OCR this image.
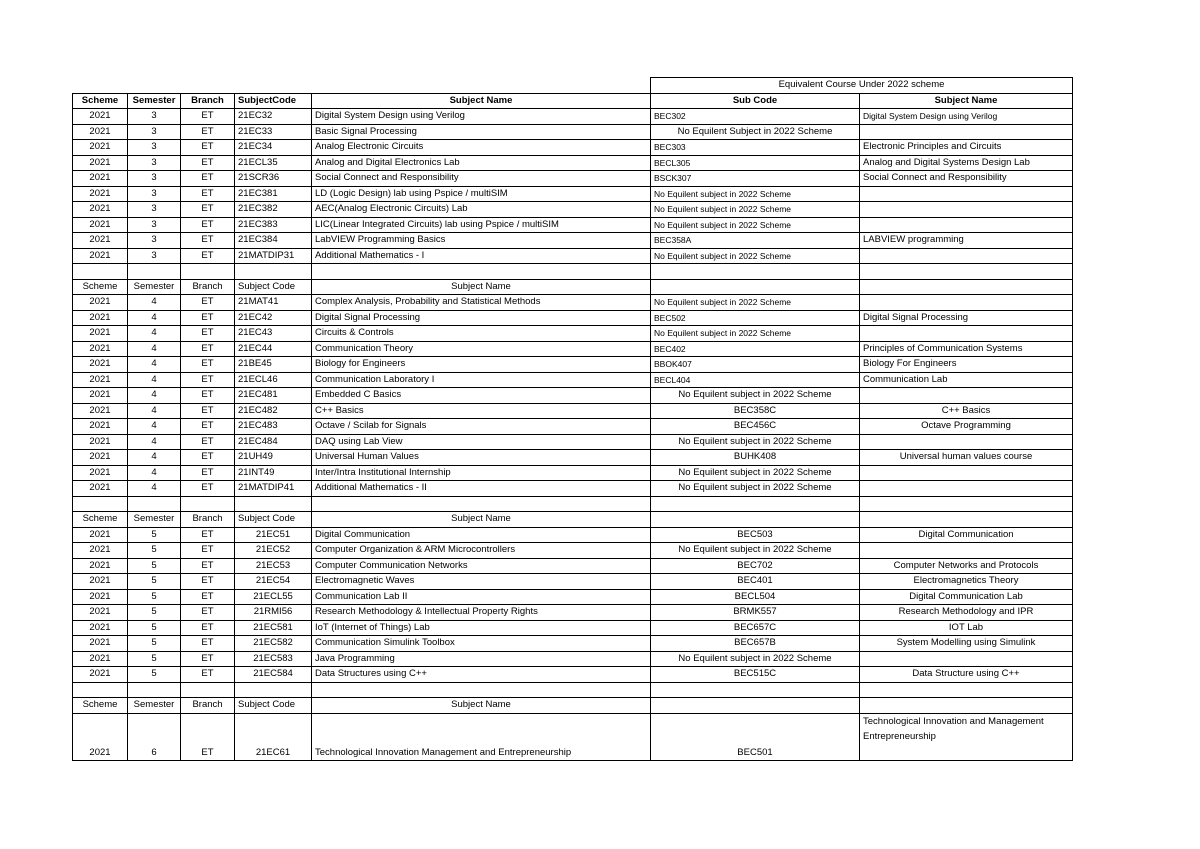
					Equivalent Course Under 2022 scheme	
Scheme	Semester	Branch	SubjectCode	Subject Name	Sub Code	Subject Name
2021	3	ET	21EC32	Digital System Design using Verilog	BEC302	Digital System Design using Verilog
2021	3	ET	21EC33	Basic Signal Processing	No Equilent Subject in 2022 Scheme	
2021	3	ET	21EC34	Analog Electronic Circuits	BEC303	Electronic Principles and Circuits
2021	3	ET	21ECL35	Analog and Digital Electronics Lab	BECL305	Analog and Digital Systems Design Lab
2021	3	ET	21SCR36	Social Connect and Responsibility	BSCK307	Social Connect and Responsibility
2021	3	ET	21EC381	LD (Logic Design) lab using Pspice / multiSIM	No Equilent subject in 2022 Scheme	
2021	3	ET	21EC382	AEC(Analog Electronic Circuits) Lab	No Equilent subject in 2022 Scheme	
2021	3	ET	21EC383	LIC(Linear Integrated Circuits) lab using Pspice / multiSIM	No Equilent subject in 2022 Scheme	
2021	3	ET	21EC384	LabVIEW Programming Basics	BEC358A	LABVIEW programming
2021	3	ET	21MATDIP31	Additional Mathematics - I	No Equilent subject in 2022 Scheme	

Scheme	Semester	Branch	Subject Code	Subject Name		
2021	4	ET	21MAT41	Complex Analysis, Probability and Statistical Methods	No Equilent subject in 2022 Scheme	
2021	4	ET	21EC42	Digital Signal Processing	BEC502	Digital Signal Processing
2021	4	ET	21EC43	Circuits & Controls	No Equilent subject in 2022 Scheme	
2021	4	ET	21EC44	Communication Theory	BEC402	Principles of Communication Systems
2021	4	ET	21BE45	Biology for Engineers	BBOK407	Biology For Engineers
2021	4	ET	21ECL46	Communication Laboratory I	BECL404	Communication Lab
2021	4	ET	21EC481	Embedded C Basics	No Equilent subject in 2022 Scheme	
2021	4	ET	21EC482	C++ Basics	BEC358C	C++ Basics
2021	4	ET	21EC483	Octave / Scilab for Signals	BEC456C	Octave Programming
2021	4	ET	21EC484	DAQ using Lab View	No Equilent subject in 2022 Scheme	
2021	4	ET	21UH49	Universal Human Values	BUHK408	Universal human values course
2021	4	ET	21INT49	Inter/Intra Institutional Internship	No Equilent subject in 2022 Scheme	
2021	4	ET	21MATDIP41	Additional Mathematics - II	No Equilent subject in 2022 Scheme	

Scheme	Semester	Branch	Subject Code	Subject Name		
2021	5	ET	21EC51	Digital Communication	BEC503	Digital Communication
2021	5	ET	21EC52	Computer Organization & ARM Microcontrollers	No Equilent subject in 2022 Scheme	
2021	5	ET	21EC53	Computer Communication Networks	BEC702	Computer Networks and Protocols
2021	5	ET	21EC54	Electromagnetic Waves	BEC401	Electromagnetics Theory
2021	5	ET	21ECL55	Communication Lab II	BECL504	Digital Communication Lab
2021	5	ET	21RMI56	Research Methodology & Intellectual Property Rights	BRMK557	Research Methodology and IPR
2021	5	ET	21EC581	IoT (Internet of Things) Lab	BEC657C	IOT Lab
2021	5	ET	21EC582	Communication Simulink Toolbox	BEC657B	System Modelling using Simulink
2021	5	ET	21EC583	Java Programming	No Equilent subject in 2022 Scheme	
2021	5	ET	21EC584	Data Structures using C++	BEC515C	Data Structure using C++

Scheme	Semester	Branch	Subject Code	Subject Name		
2021	6	ET	21EC61	Technological Innovation Management and Entrepreneurship	BEC501	Technological Innovation and Management Entrepreneurship
